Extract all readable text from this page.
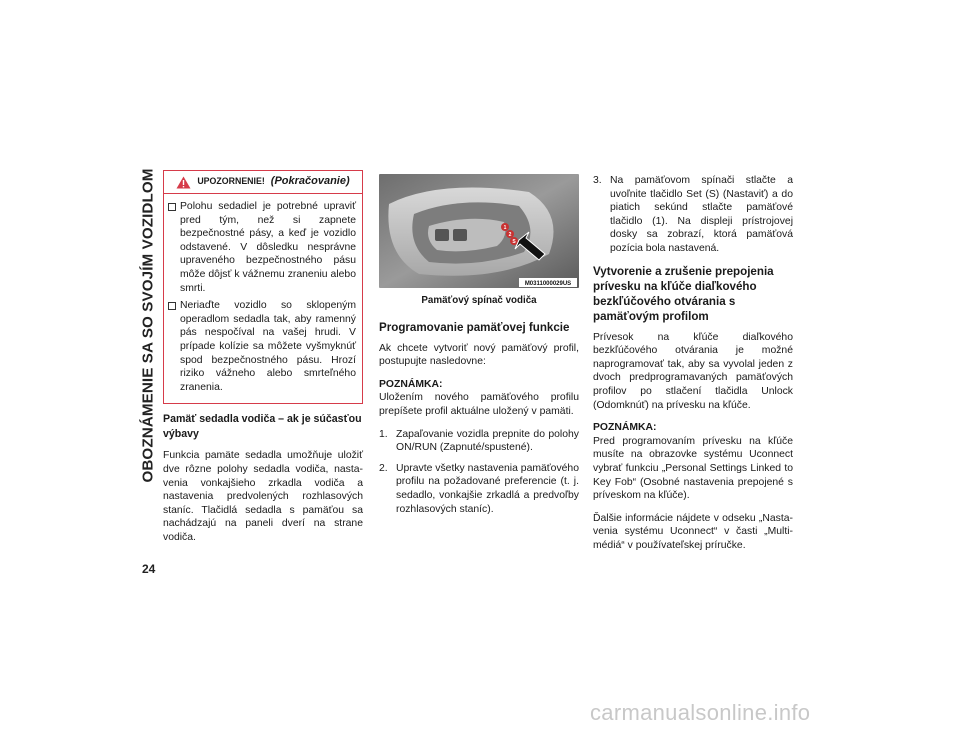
OBOZNÁMENIE SA SO SVOJÍM VOZIDLOM
24
UPOZORNENIE! (Pokračovanie)
Polohu sedadiel je potrebné upraviť pred tým, než si zapnete bezpečnostné pásy, a keď je vozidlo odstavené. V dôsledku nesprávne upraveného bezpečnostného pásu môže dôjsť k vážnemu zraneniu alebo smrti.
Neriaďte vozidlo so sklopeným operadlom sedadla tak, aby ramenný pás nespočíval na vašej hrudi. V prípade kolízie sa môžete vyšmyknúť spod bezpečnostného pásu. Hrozí riziko vážneho alebo smrteľného zranenia.
Pamäť sedadla vodiča – ak je súčasťou výbavy

Funkcia pamäte sedadla umožňuje uložiť dve rôzne polohy sedadla vodiča, nastavenia vonkajšieho zrkadla vodiča a nastavenia predvolených rozhlasových staníc. Tlačidlá sedadla s pamäťou sa nachádzajú na paneli dverí na strane vodiča.

1
2
S
M0311000029US
Pamäťový spínač vodiča
Programovanie pamäťovej funkcie

Ak chcete vytvoriť nový pamäťový profil, postupujte nasledovne:

POZNÁMKA:
Uložením nového pamäťového profilu prepíšete profil aktuálne uložený v pamäti.
1. Zapaľovanie vozidla prepnite do polohy ON/RUN (Zapnuté/spustené).
2. Upravte všetky nastavenia pamäťového profilu na požadované preferencie (t. j. sedadlo, vonkajšie zrkadlá a predvoľby rozhlasových staníc).
3. Na pamäťovom spínači stlačte a uvoľnite tlačidlo Set (S) (Nastaviť) a do piatich sekúnd stlačte pamäťové tlačidlo (1). Na displeji prístrojovej dosky sa zobrazí, ktorá pamäťová pozícia bola nastavená.
Vytvorenie a zrušenie prepojenia prívesku na kľúče diaľkového bezkľúčového otvárania s pamäťovým profilom

Prívesok na kľúče diaľkového bezkľúčového otvárania je možné naprogramovať tak, aby sa vyvolal jeden z dvoch predprogramavaných pamäťových profilov po stlačení tlačidla Unlock (Odomknúť) na prívesku na kľúče.

POZNÁMKA:
Pred programovaním prívesku na kľúče musíte na obrazovke systému Uconnect vybrať funkciu „Personal Settings Linked to Key Fob“ (Osobné nastavenia prepojené s príveskom na kľúče).

Ďalšie informácie nájdete v odseku „Nastavenia systému Uconnect“ v časti „Multimédiá“ v používateľskej príručke.

carmanualsonline.info
